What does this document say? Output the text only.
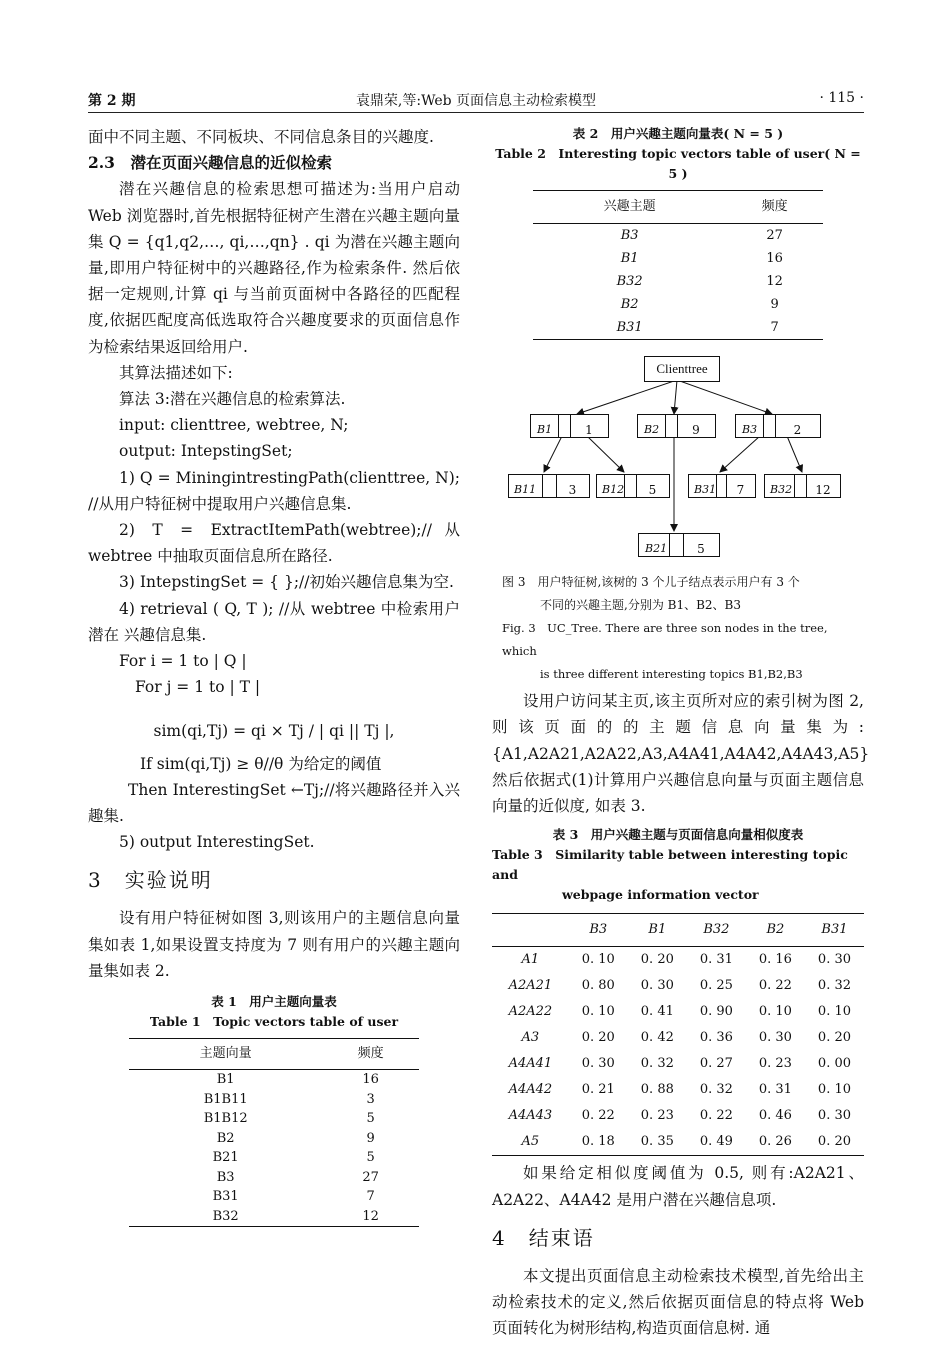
第 2 期	袁鼎荣,等:Web 页面信息主动检索模型	· 115 ·

面中不同主题、不同板块、不同信息条目的兴趣度.

2.3　潜在页面兴趣信息的近似检索

潜在兴趣信息的检索思想可描述为:当用户启动 Web 浏览器时,首先根据特征树产生潜在兴趣主题向量集 Q = {q1,q2,…, qi,…,qn} . qi 为潜在兴趣主题向量,即用户特征树中的兴趣路径,作为检索条件. 然后依据一定规则,计算 qi 与当前页面树中各路径的匹配程度,依据匹配度高低选取符合兴趣度要求的页面信息作为检索结果返回给用户.

其算法描述如下:

算法 3:潜在兴趣信息的检索算法.

input: clienttree, webtree, N;

output: IntерstingSet;

1) Q = MiningintrestingPath(clienttree, N); //从用户特征树中提取用户兴趣信息集.

2) T = ExtractItemPath(webtree);//从 webtree 中抽取页面信息所在路径.

3) IntерstingSet = { };//初始兴趣信息集为空.

4) retrieval ( Q, T ); //从 webtree 中检索用户潜在 兴趣信息集.

For i = 1 to | Q |

For j = 1 to | T |

sim(qi,Tj) = qi × Tj / | qi || Tj |,

If sim(qi,Tj) ≥ θ//θ 为给定的阈值

Then InterestingSet ←Tj;//将兴趣路径并入兴趣集.

5) output InterestingSet.

3　实验说明

设有用户特征树如图 3,则该用户的主题信息向量集如表 1,如果设置支持度为 7 则有用户的兴趣主题向量集如表 2.

表 1　用户主题向量表
Table 1　Topic vectors table of user
主题向量	频度
B1	16
B1B11	3
B1B12	5
B2	9
B21	5
B3	27
B31	7
B32	12
表 2　用户兴趣主题向量表( N = 5 )
Table 2　Interesting topic vectors table of user( N = 5 )
兴趣主题	频度
B3	27
B1	16
B32	12
B2	9
B31	7
Clienttree
B1	1	B2	9	B3	2
B11	3	B12	5	B31	7	B32	12
B21	5
图 3　用户特征树,该树的 3 个儿子结点表示用户有 3 个
不同的兴趣主题,分别为 B1、B2、B3
Fig. 3　UC_Tree. There are three son nodes in the tree, which
is three different interesting topics B1,B2,B3

设用户访问某主页,该主页所对应的索引树为图 2,则该页面的的主题信息向量集为: {A1,A2A21,A2A22,A3,A4A41,A4A42,A4A43,A5} 然后依据式(1)计算用户兴趣信息向量与页面主题信息向量的近似度, 如表 3.

表 3　用户兴趣主题与页面信息向量相似度表
Table 3　Similarity table between interesting topic and
webpage information vector
	B3	B1	B32	B2	B31
A1	0. 10	0. 20	0. 31	0. 16	0. 30
A2A21	0. 80	0. 30	0. 25	0. 22	0. 32
A2A22	0. 10	0. 41	0. 90	0. 10	0. 10
A3	0. 20	0. 42	0. 36	0. 30	0. 20
A4A41	0. 30	0. 32	0. 27	0. 23	0. 00
A4A42	0. 21	0. 88	0. 32	0. 31	0. 10
A4A43	0. 22	0. 23	0. 22	0. 46	0. 30
A5	0. 18	0. 35	0. 49	0. 26	0. 20

如果给定相似度阈值为 0.5, 则有:A2A21、A2A22、A4A42 是用户潜在兴趣信息项.

4　结束语

本文提出页面信息主动检索技术模型,首先给出主动检索技术的定义,然后依据页面信息的特点将 Web 页面转化为树形结构,构造页面信息树. 通
